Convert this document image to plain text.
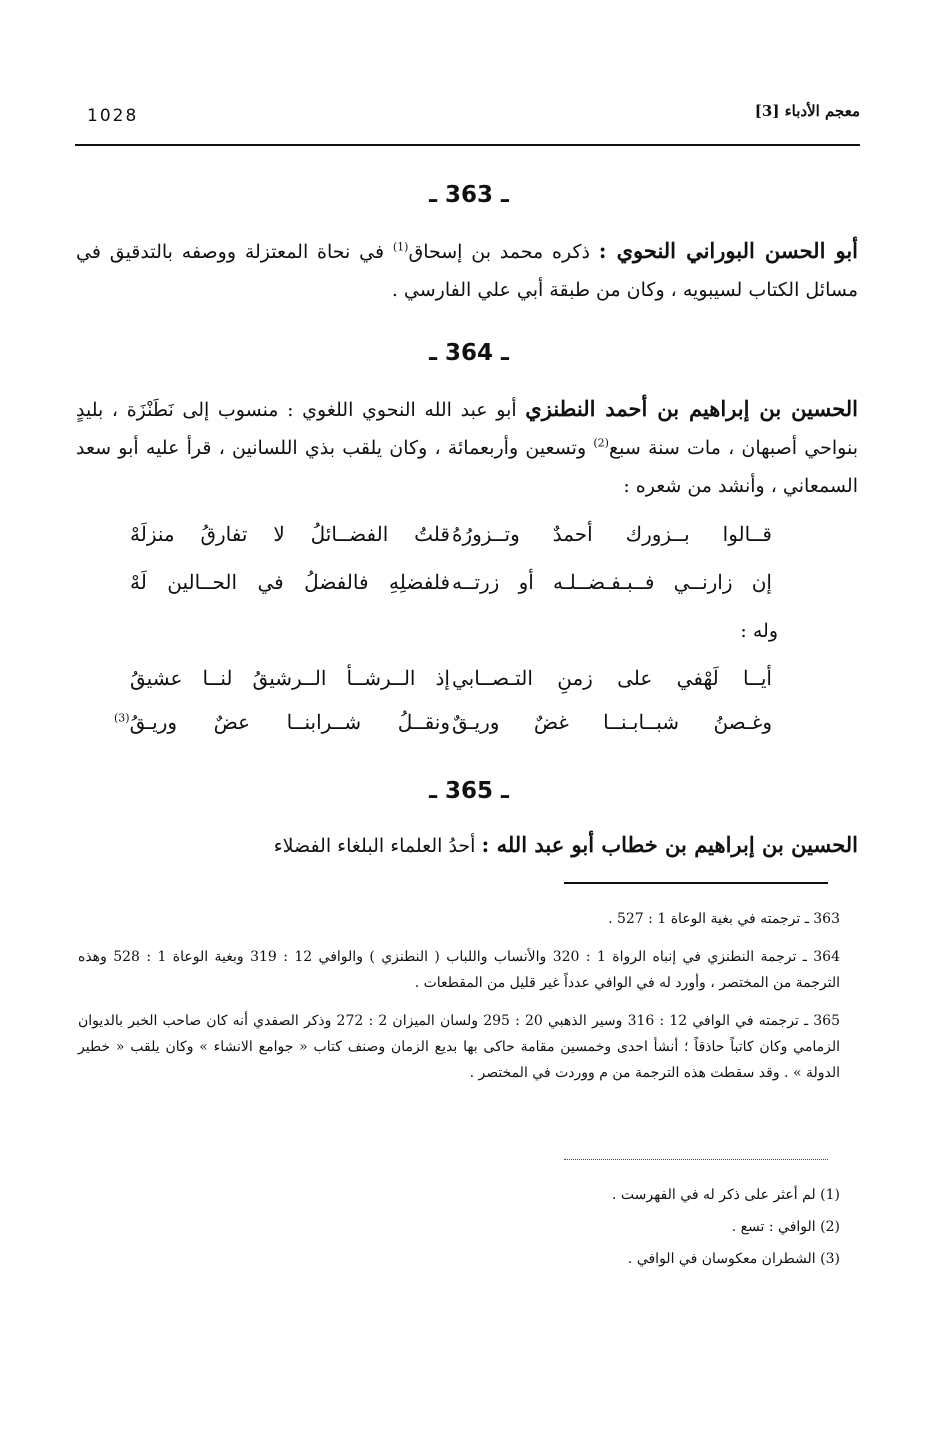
معجم الأدباء [3]
1028
ـ 363 ـ
أبو الحسن البوراني النحوي : ذكره محمد بن إسحاق$^{(1)}$ في نحاة المعتزلة ووصفه بالتدقيق في مسائل الكتاب لسيبويه ، وكان من طبقة أبي علي الفارسي .
ـ 364 ـ
الحسين بن إبراهيم بن أحمد النطنزي أبو عبد الله النحوي اللغوي : منسوب إلى نَطَنْزَة ، بليدٍ بنواحي أصبهان ، مات سنة سبع$^{(2)}$ وتسعين وأربعمائة ، وكان يلقب بذي اللسانين ، قرأ عليه أبو سعد السمعاني ، وأنشد من شعره :
قــالوا بــزورك أحمدٌ وتــزورُهُ
قلتُ الفضــائلُ لا تفارقُ منزلَهْ
إن زارنــي فــبـفـضــلـه أو زرتــه
فلفضلِهِ فالفضلُ في الحــالين لَهْ
وله :
أيــا لَهْفي على زمنِ التـصــابي
إذ الــرشــأ الــرشيقُ لنــا عشيقُ
وغـصنُ شبــابـنــا غضٌ وريـقٌ
ونقــلُ شــرابنــا عضٌ وريـقُ$^{(3)}$
ـ 365 ـ
الحسين بن إبراهيم بن خطاب أبو عبد الله : أحدُ العلماء البلغاء الفضلاء
363 ـ ترجمته في بغية الوعاة 1 : 527 .
364 ـ ترجمة النطنزي في إنباه الرواة 1 : 320 والأنساب واللباب ( النطنزي ) والوافي 12 : 319 وبغية الوعاة 1 : 528 وهذه الترجمة من المختصر ، وأورد له في الوافي عدداً غير قليل من المقطعات .
365 ـ ترجمته في الوافي 12 : 316 وسير الذهبي 20 : 295 ولسان الميزان 2 : 272 وذكر الصفدي أنه كان صاحب الخبر بالديوان الزمامي وكان كاتباً حاذقاً ؛ أنشأ احدى وخمسين مقامة حاكى بها بديع الزمان وصنف كتاب « جوامع الانشاء » وكان يلقب « خطير الدولة » . وقد سقطت هذه الترجمة من م ووردت في المختصر .
(1) لم أعثر على ذكر له في الفهرست .
(2) الوافي : تسع .
(3) الشطران معكوسان في الوافي .
